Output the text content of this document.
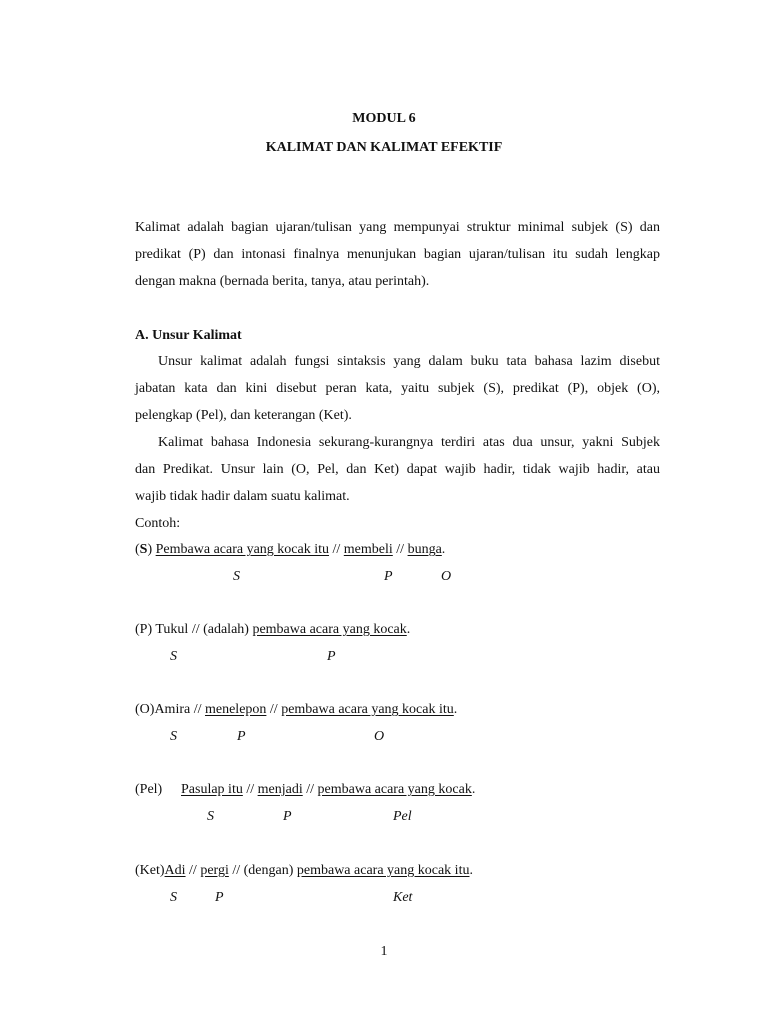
MODUL 6
KALIMAT DAN KALIMAT EFEKTIF
Kalimat adalah bagian ujaran/tulisan yang mempunyai struktur minimal subjek (S) dan
predikat (P) dan intonasi finalnya menunjukan bagian ujaran/tulisan itu sudah lengkap
dengan makna (bernada berita, tanya, atau perintah).
A. Unsur Kalimat
Unsur kalimat adalah fungsi sintaksis yang dalam buku tata bahasa lazim disebut
jabatan kata dan kini disebut peran kata, yaitu subjek (S), predikat (P), objek (O),
pelengkap (Pel), dan keterangan (Ket).
Kalimat bahasa Indonesia sekurang-kurangnya terdiri atas dua unsur, yakni Subjek
dan Predikat. Unsur lain (O, Pel, dan Ket) dapat wajib hadir, tidak wajib hadir, atau
wajib tidak hadir dalam suatu kalimat.
Contoh:
(S) Pembawa acara yang kocak itu // membeli // bunga.
S	P	O
(P) Tukul // (adalah) pembawa acara yang kocak.
S	P
(O)Amira // menelepon // pembawa acara yang kocak itu.
S	P	O
(Pel) Pasulap itu // menjadi // pembawa acara yang kocak.
S	P	Pel
(Ket)Adi // pergi // (dengan) pembawa acara yang kocak itu.
S	P	Ket
1
